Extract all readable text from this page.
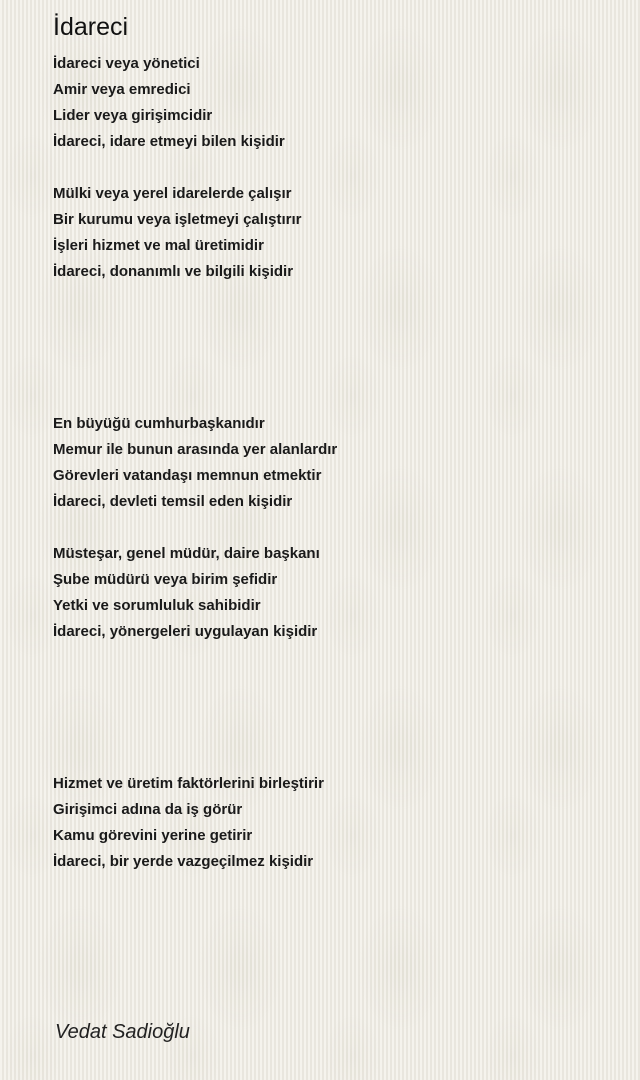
İdareci
İdareci veya yönetici
Amir veya emredici
Lider veya girişimcidir
İdareci, idare etmeyi bilen kişidir
Mülki veya yerel idarelerde çalışır
Bir kurumu veya işletmeyi çalıştırır
İşleri hizmet ve mal üretimidir
İdareci, donanımlı ve bilgili kişidir
En büyüğü cumhurbaşkanıdır
Memur ile bunun arasında yer alanlardır
Görevleri vatandaşı memnun etmektir
İdareci, devleti temsil eden kişidir
Müsteşar, genel müdür, daire başkanı
Şube müdürü veya birim şefidir
Yetki ve sorumluluk sahibidir
İdareci, yönergeleri uygulayan kişidir
Hizmet ve üretim faktörlerini birleştirir
Girişimci adına da iş görür
Kamu görevini yerine getirir
İdareci, bir yerde vazgeçilmez kişidir
Vedat Sadioğlu
